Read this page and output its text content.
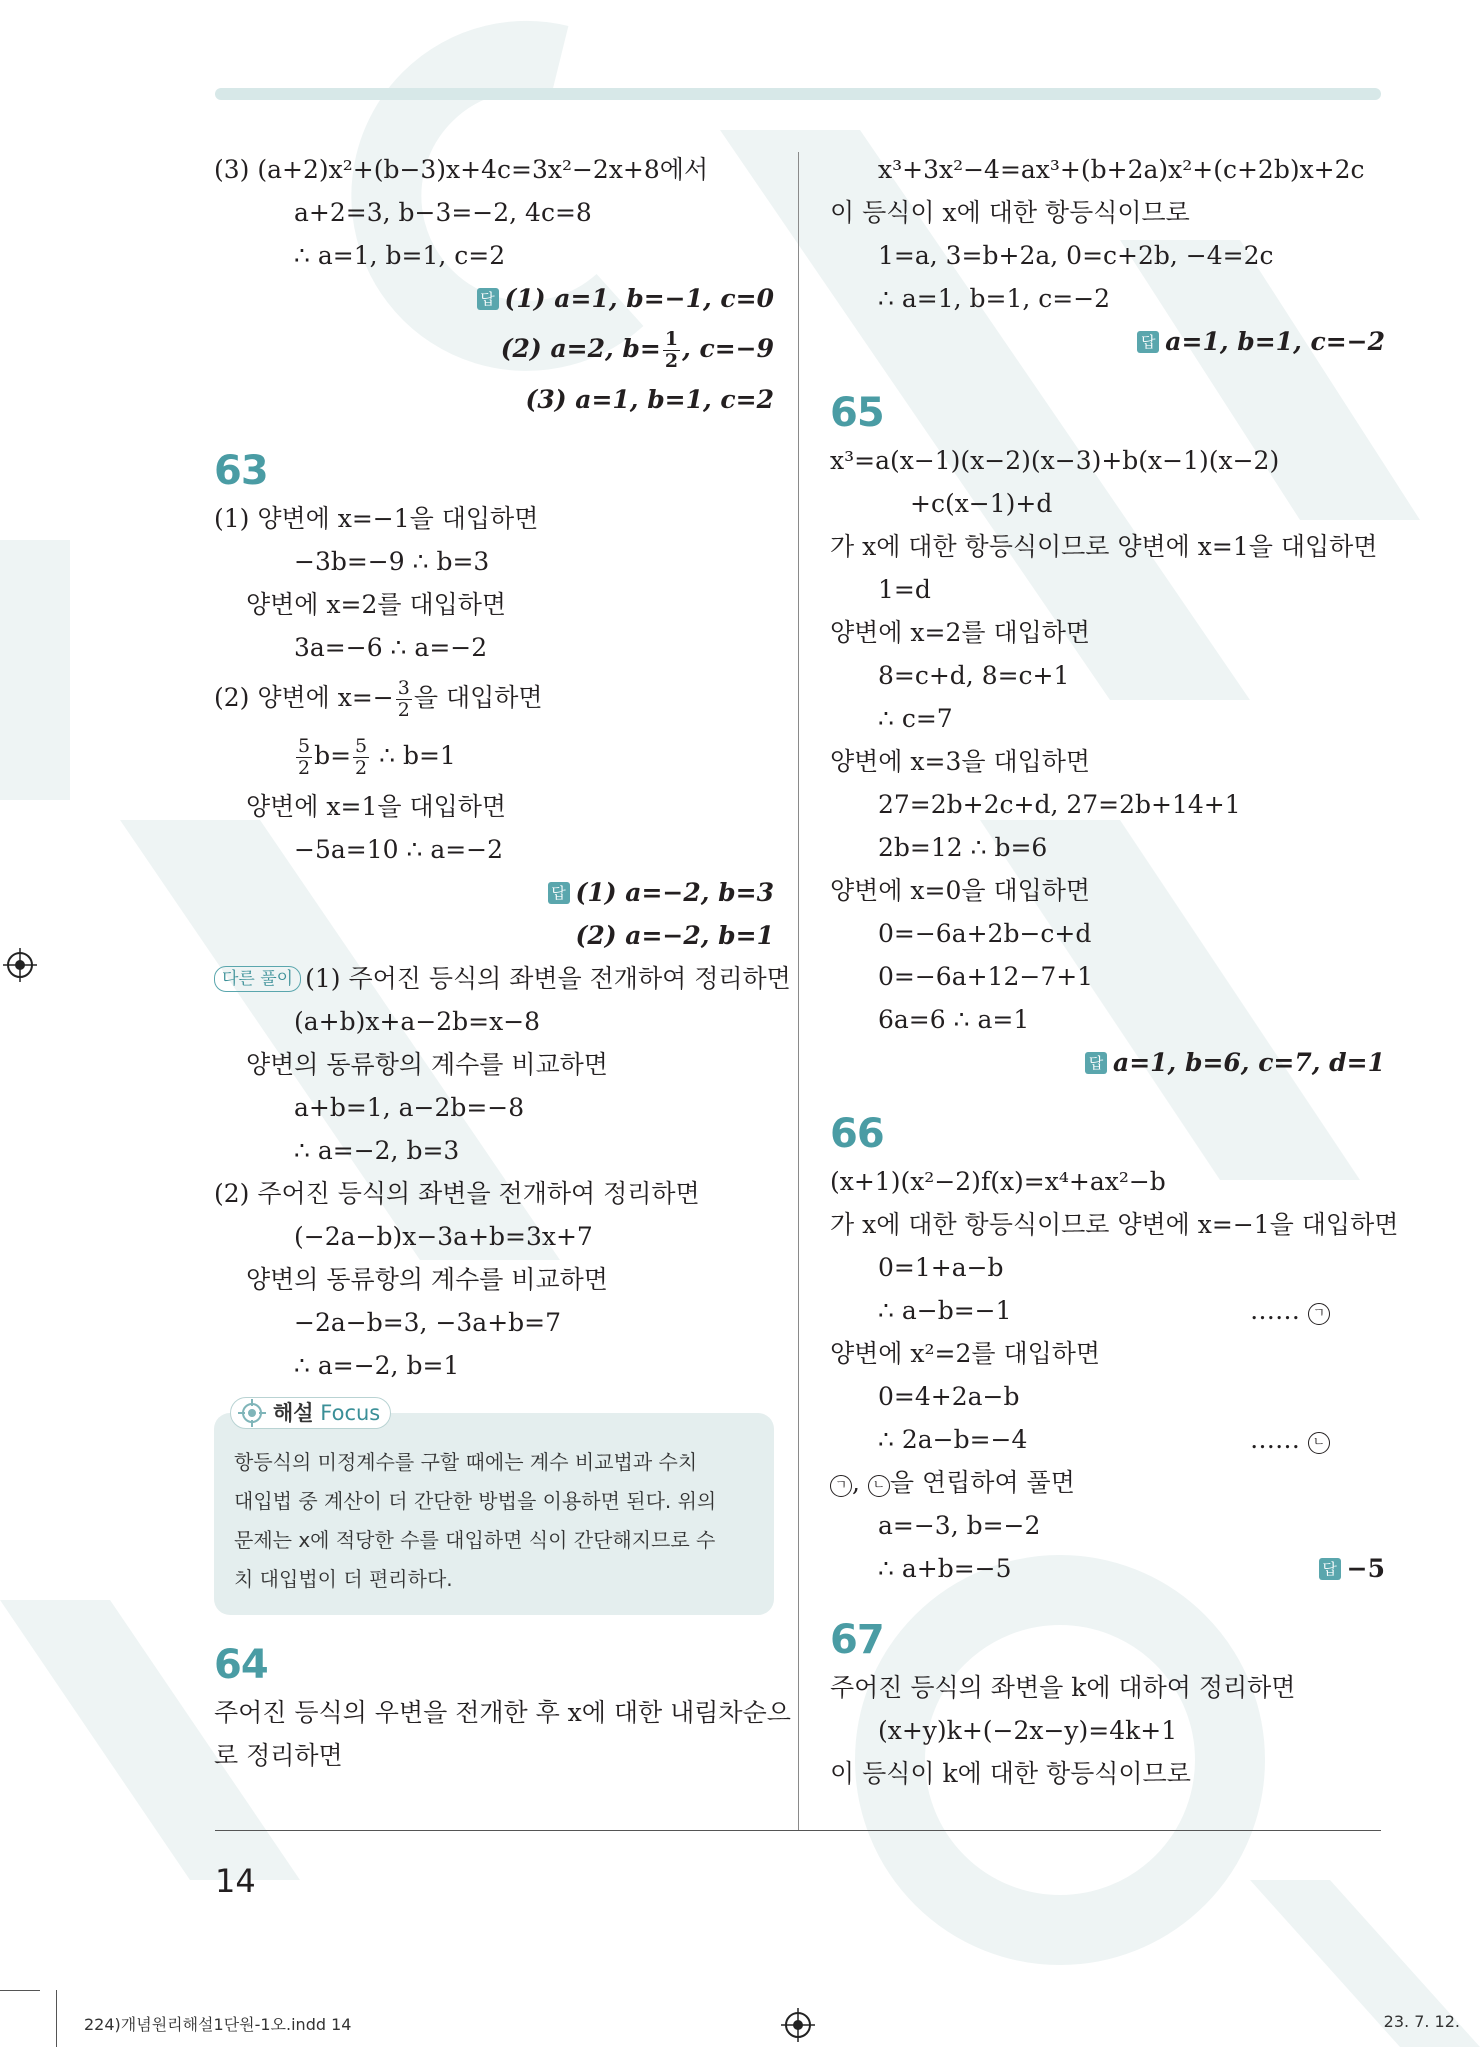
(3) (a+2)x²+(b−3)x+4c=3x²−2x+8에서
a+2=3, b−3=−2, 4c=8
∴ a=1, b=1, c=2
답 (1) a=1, b=−1, c=0
(2) a=2, $b= \frac{1}{2}$ , c=−9
(3) a=1, b=1, c=2
63
(1) 양변에 x=−1을 대입하면
−3b=−9 ∴ b=3
양변에 x=2를 대입하면
3a=−6 ∴ a=−2
(2) 양변에 $x=- \frac{3}{2}$ 을 대입하면
$\frac{5}{2} b= \frac{5}{2}$ ∴ b=1
양변에 x=1을 대입하면
−5a=10 ∴ a=−2
답 (1) a=−2, b=3
(2) a=−2, b=1
다른 풀이 (1) 주어진 등식의 좌변을 전개하여 정리하면
(a+b)x+a−2b=x−8
양변의 동류항의 계수를 비교하면
a+b=1, a−2b=−8
∴ a=−2, b=3
(2) 주어진 등식의 좌변을 전개하여 정리하면
(−2a−b)x−3a+b=3x+7
양변의 동류항의 계수를 비교하면
−2a−b=3, −3a+b=7
∴ a=−2, b=1
해설 Focus
항등식의 미정계수를 구할 때에는 계수 비교법과 수치
대입법 중 계산이 더 간단한 방법을 이용하면 된다. 위의
문제는 x에 적당한 수를 대입하면 식이 간단해지므로 수
치 대입법이 더 편리하다.
64
주어진 등식의 우변을 전개한 후 x에 대한 내림차순으
로 정리하면
x³+3x²−4=ax³+(b+2a)x²+(c+2b)x+2c
이 등식이 x에 대한 항등식이므로
1=a, 3=b+2a, 0=c+2b, −4=2c
∴ a=1, b=1, c=−2
답 a=1, b=1, c=−2
65
x³=a(x−1)(x−2)(x−3)+b(x−1)(x−2)
+c(x−1)+d
가 x에 대한 항등식이므로 양변에 x=1을 대입하면
1=d
양변에 x=2를 대입하면
8=c+d, 8=c+1
∴ c=7
양변에 x=3을 대입하면
27=2b+2c+d, 27=2b+14+1
2b=12 ∴ b=6
양변에 x=0을 대입하면
0=−6a+2b−c+d
0=−6a+12−7+1
6a=6 ∴ a=1
답 a=1, b=6, c=7, d=1
66
(x+1)(x²−2)f(x)=x⁴+ax²−b
가 x에 대한 항등식이므로 양변에 x=−1을 대입하면
0=1+a−b
∴ a−b=−1	…… ㄱ
양변에 x²=2를 대입하면
0=4+2a−b
∴ 2a−b=−4	…… ㄴ
ㄱ , ㄴ 을 연립하여 풀면
a=−3, b=−2
∴ a+b=−5	답 −5
67
주어진 등식의 좌변을 k에 대하여 정리하면
(x+y)k+(−2x−y)=4k+1
이 등식이 k에 대한 항등식이므로
14
224)개념원리해설1단원-1오.indd 14	23. 7. 12.
